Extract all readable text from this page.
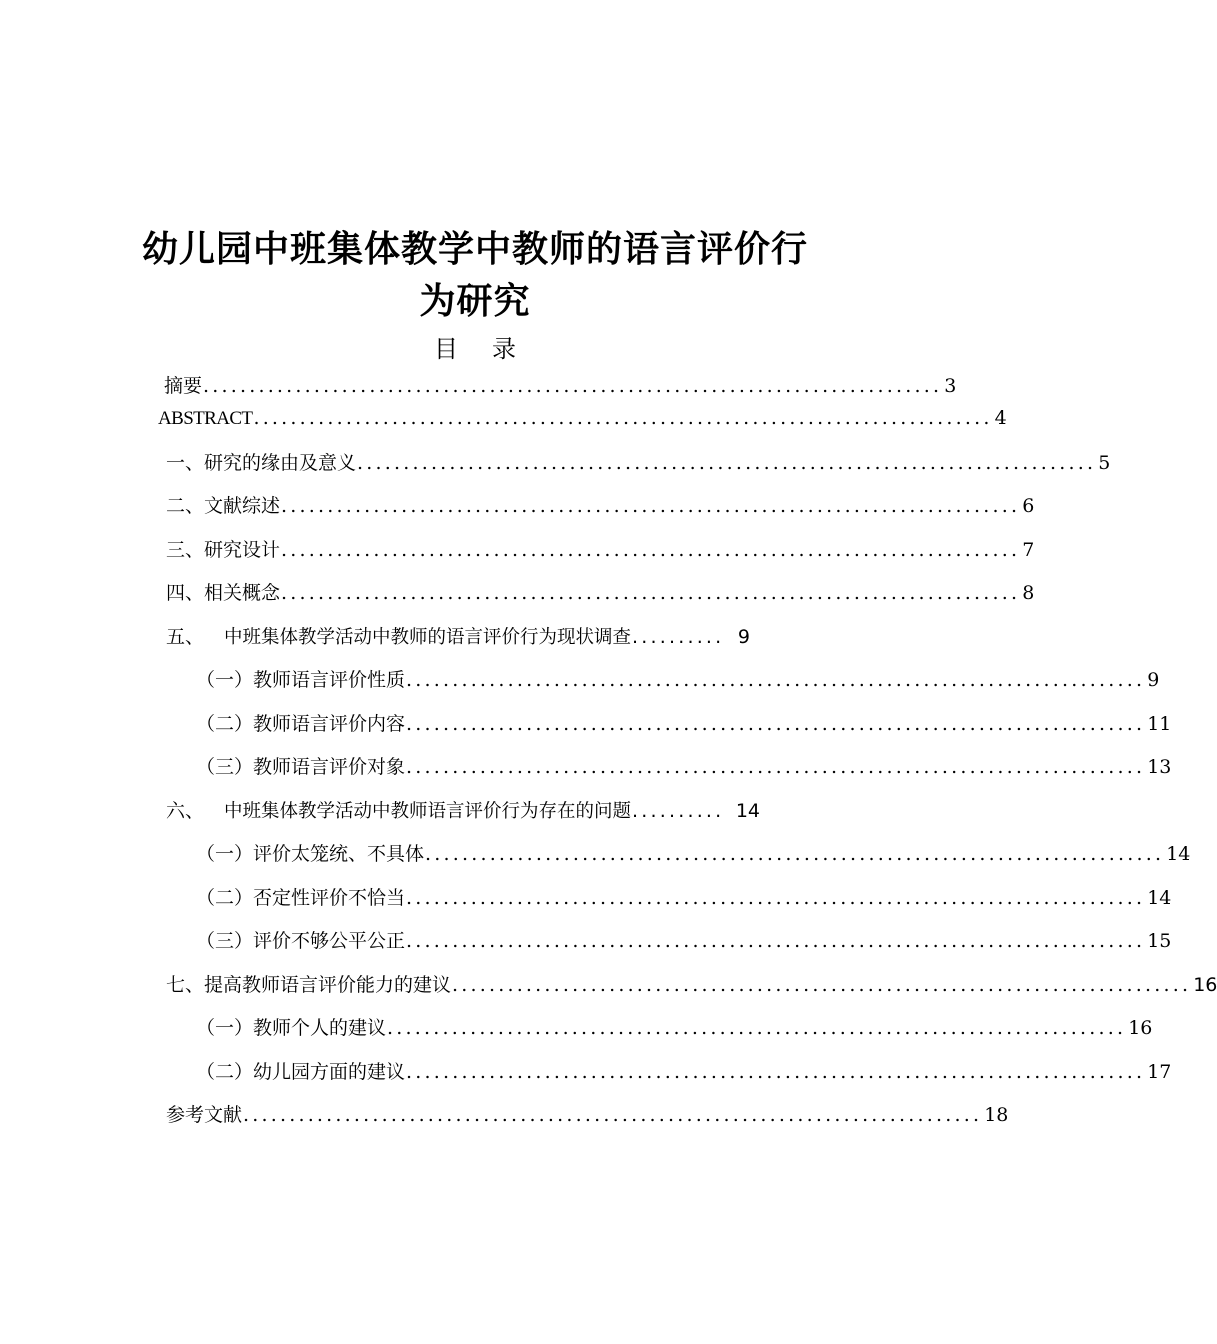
幼儿园中班集体教学中教师的语言评价行
为研究
目 录
摘要 ................................................................................ 3
ABSTRACT ................................................................................ 4
一、 研究的缘由及意义 ................................................................................ 5
二、 文献综述 ................................................................................ 6
三、 研究设计 ................................................................................ 7
四、 相关概念 ................................................................................ 8
五、	中班集体教学活动中教师的语言评价行为现状调查 .......... 9
（一）教师语言评价性质 ................................................................................ 9
（二）教师语言评价内容 ................................................................................ 11
（三）教师语言评价对象 ................................................................................ 13
六、	中班集体教学活动中教师语言评价行为存在的问题 .......... 14
（一）评价太笼统、不具体 ................................................................................ 14
（二）否定性评价不恰当 ................................................................................ 14
（三）评价不够公平公正 ................................................................................ 15
七、提高教师语言评价能力的建议 ................................................................................ 16
（一）教师个人的建议 ................................................................................ 16
（二）幼儿园方面的建议 ................................................................................ 17
参考文献 ................................................................................ 18
